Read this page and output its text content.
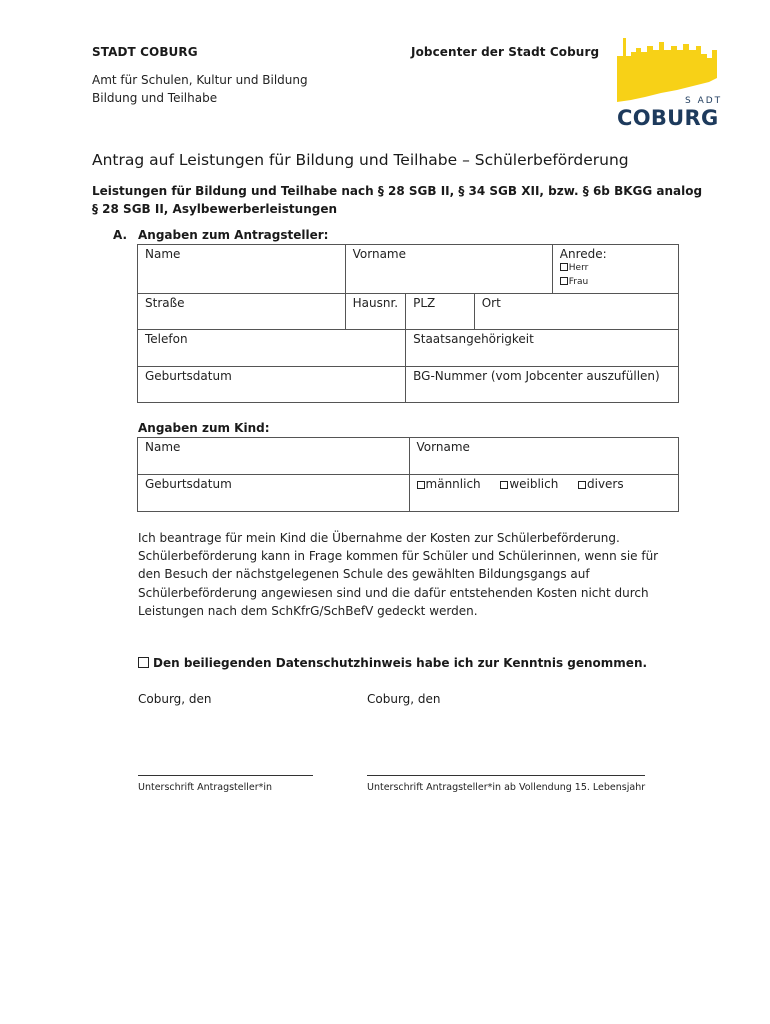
STADT COBURG	Jobcenter der Stadt Coburg
Amt für Schulen, Kultur und Bildung
Bildung und Teilhabe	S ADT
COBURG
Antrag auf Leistungen für Bildung und Teilhabe – Schülerbeförderung
Leistungen für Bildung und Teilhabe nach § 28 SGB II, § 34 SGB XII, bzw. § 6b BKGG analog
§ 28 SGB II, Asylbewerberleistungen
A. Angaben zum Antragsteller:
Name	Vorname			Anrede:
Herr
Frau

Straße	Hausnr.	PLZ	Ort	
Telefon		Staatsangehörigkeit		
Geburtsdatum		BG-Nummer (vom Jobcenter auszufüllen)		
Angaben zum Kind:
Name	Vorname
Geburtsdatum	männlich weiblich divers
Ich beantrage für mein Kind die Übernahme der Kosten zur Schülerbeförderung.
Schülerbeförderung kann in Frage kommen für Schüler und Schülerinnen, wenn sie für
den Besuch der nächstgelegenen Schule des gewählten Bildungsgangs auf
Schülerbeförderung angewiesen sind und die dafür entstehenden Kosten nicht durch
Leistungen nach dem SchKfrG/SchBefV gedeckt werden.
Den beiliegenden Datenschutzhinweis habe ich zur Kenntnis genommen.
Coburg, den	Coburg, den
Unterschrift Antragsteller*in	Unterschrift Antragsteller*in ab Vollendung 15. Lebensjahr
